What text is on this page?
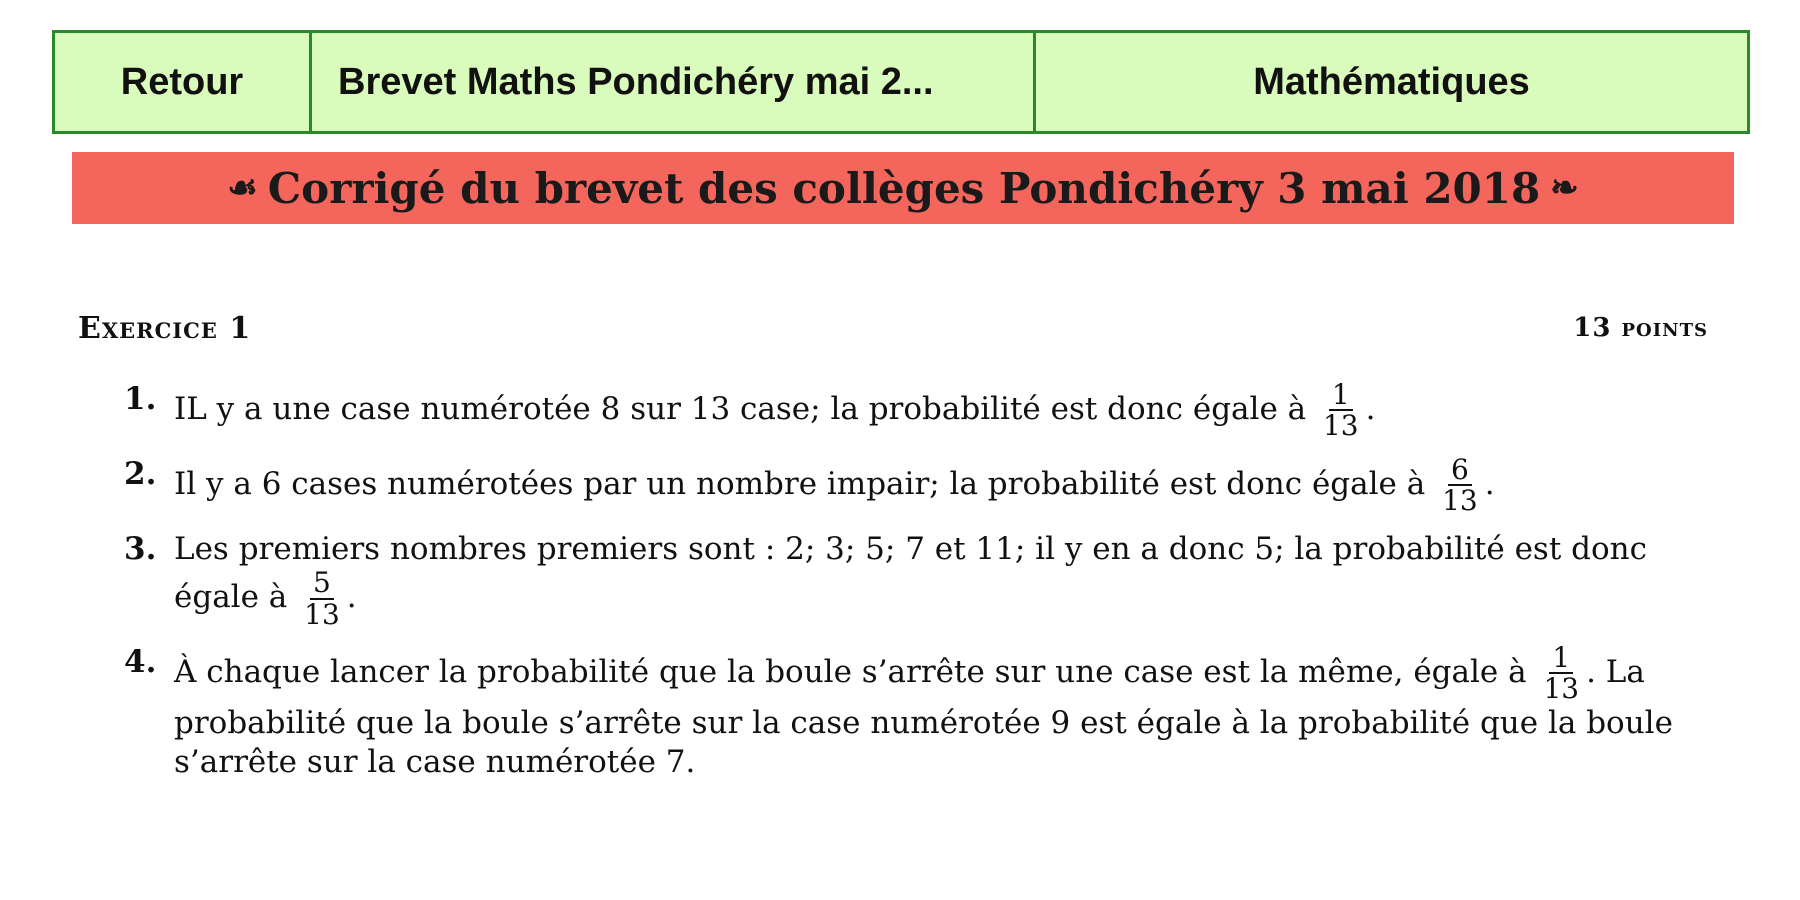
Retour Brevet Maths Pondichéry mai 2...	Mathématiques
☙ Corrigé du brevet des collèges Pondichéry 3 mai 2018 ❧
Exercice 1	13 points
1. IL y a une case numérotée 8 sur 13 case; la probabilité est donc égale à $\frac{1}{13}$ .
2. Il y a 6 cases numérotées par un nombre impair; la probabilité est donc égale à $\frac{6}{13}$ .
3. Les premiers nombres premiers sont : 2; 3; 5; 7 et 11; il y en a donc 5; la probabilité est donc égale à $\frac{5}{13}$ .
4. À chaque lancer la probabilité que la boule s’arrête sur une case est la même, égale à $\frac{1}{13}$ . La probabilité que la boule s’arrête sur la case numérotée 9 est égale à la probabilité que la boule s’arrête sur la case numérotée 7.
